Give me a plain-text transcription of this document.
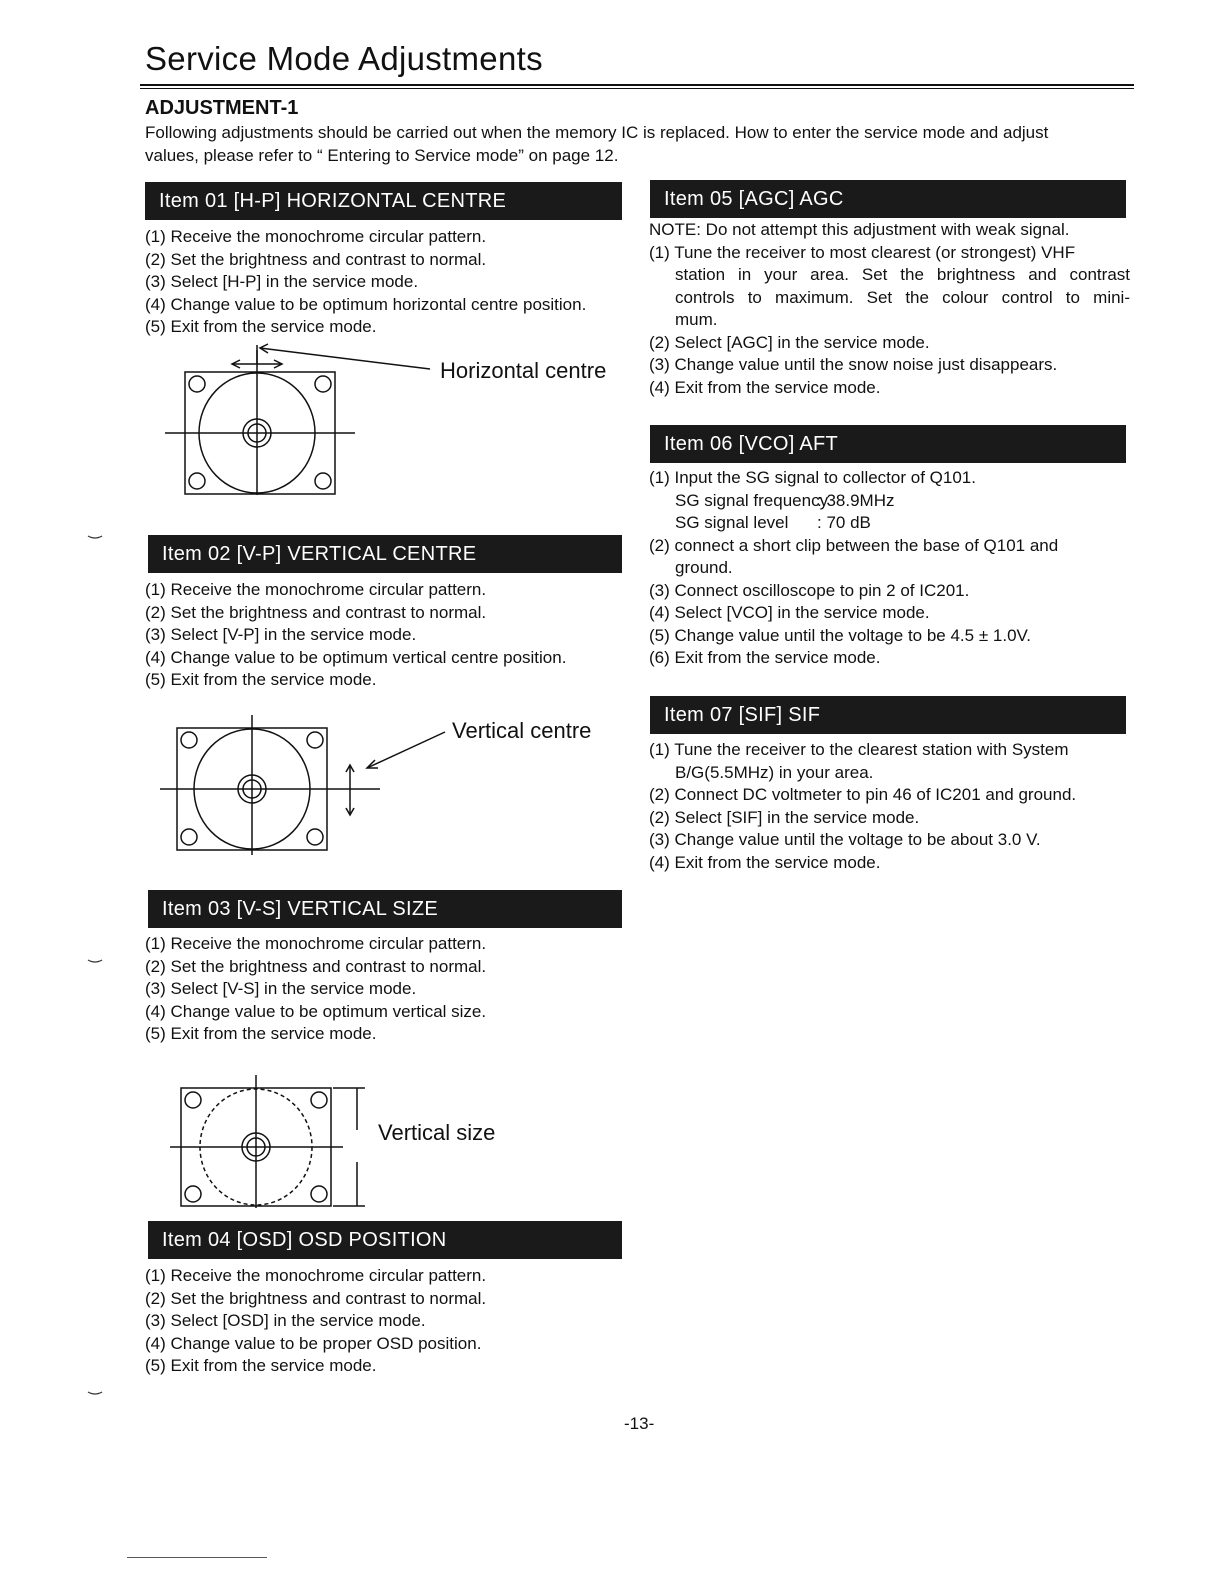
Service Mode Adjustments
ADJUSTMENT-1
Following adjustments should be carried out when the memory IC is replaced. How to enter the service mode and adjust values, please refer to “ Entering to Service mode” on page 12.
Item 01 [H-P] HORIZONTAL CENTRE
(1) Receive the monochrome circular pattern.
(2) Set the brightness and contrast to normal.
(3) Select [H-P] in the service mode.
(4) Change value to be optimum horizontal centre position.
(5) Exit from the service mode.
Horizontal centre
Item 02 [V-P] VERTICAL CENTRE
(1) Receive the monochrome circular pattern.
(2) Set the brightness and contrast to normal.
(3) Select [V-P] in the service mode.
(4) Change value to be optimum vertical centre position.
(5) Exit from the service mode.
Vertical centre
Item 03 [V-S] VERTICAL SIZE
(1) Receive the monochrome circular pattern.
(2) Set the brightness and contrast to normal.
(3) Select [V-S] in the service mode.
(4) Change value to be optimum vertical size.
(5) Exit from the service mode.
Vertical size
Item 04 [OSD] OSD POSITION
(1) Receive the monochrome circular pattern.
(2) Set the brightness and contrast to normal.
(3) Select [OSD] in the service mode.
(4) Change value to be proper OSD position.
(5) Exit from the service mode.
Item 05 [AGC] AGC
NOTE: Do not attempt this adjustment with weak signal.
(1) Tune the receiver to most clearest (or strongest) VHF
station in your area. Set the brightness and contrast
controls to maximum. Set the colour control to mini-
mum.
(2) Select [AGC] in the service mode.
(3) Change value until the snow noise just disappears.
(4) Exit from the service mode.
Item 06 [VCO] AFT
(1) Input the SG signal to collector of Q101.
SG signal frequency: 38.9MHz
SG signal level : 70 dB
(2) connect a short clip between the base of Q101 and
ground.
(3) Connect oscilloscope to pin 2 of IC201.
(4) Select [VCO] in the service mode.
(5) Change value until the voltage to be 4.5 ± 1.0V.
(6) Exit from the service mode.
Item 07 [SIF] SIF
(1) Tune the receiver to the clearest station with System
B/G(5.5MHz) in your area.
(2) Connect DC voltmeter to pin 46 of IC201 and ground.
(2) Select [SIF] in the service mode.
(3) Change value until the voltage to be about 3.0 V.
(4) Exit from the service mode.
-13-
